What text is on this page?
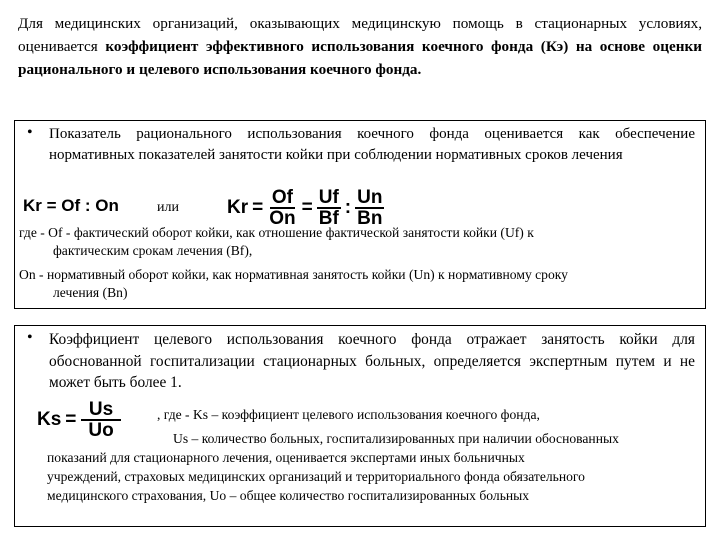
Для медицинских организаций, оказывающих медицинскую помощь в стационарных условиях, оценивается коэффициент эффективного использования коечного фонда (Кэ) на основе оценки рационального и целевого использования коечного фонда.
• Показатель рационального использования коечного фонда оценивается как обеспечение нормативных показателей занятости койки при соблюдении нормативных сроков лечения
Kr = Of : On	или	$Kr = \frac{Of}{On} = \frac{Uf}{Bf}$ : $\frac{Un}{Bn}$
где - Of - фактический оборот койки, как отношение фактической занятости койки (Uf) к
фактическим срокам лечения (Bf),
On - нормативный оборот койки, как нормативная занятость койки (Un) к нормативному сроку
лечения (Bn)
• Коэффициент целевого использования коечного фонда отражает занятость койки для обоснованной госпитализации стационарных больных, определяется экспертным путем и не может быть более 1.
$Ks = \frac{Us}{Uo}$	, где - Ks – коэффициент целевого использования коечного фонда,
Us – количество больных, госпитализированных при наличии обоснованных
показаний для стационарного лечения, оценивается экспертами иных больничных
учреждений, страховых медицинских организаций и территориального фонда обязательного
медицинского страхования, Uo – общее количество госпитализированных больных
